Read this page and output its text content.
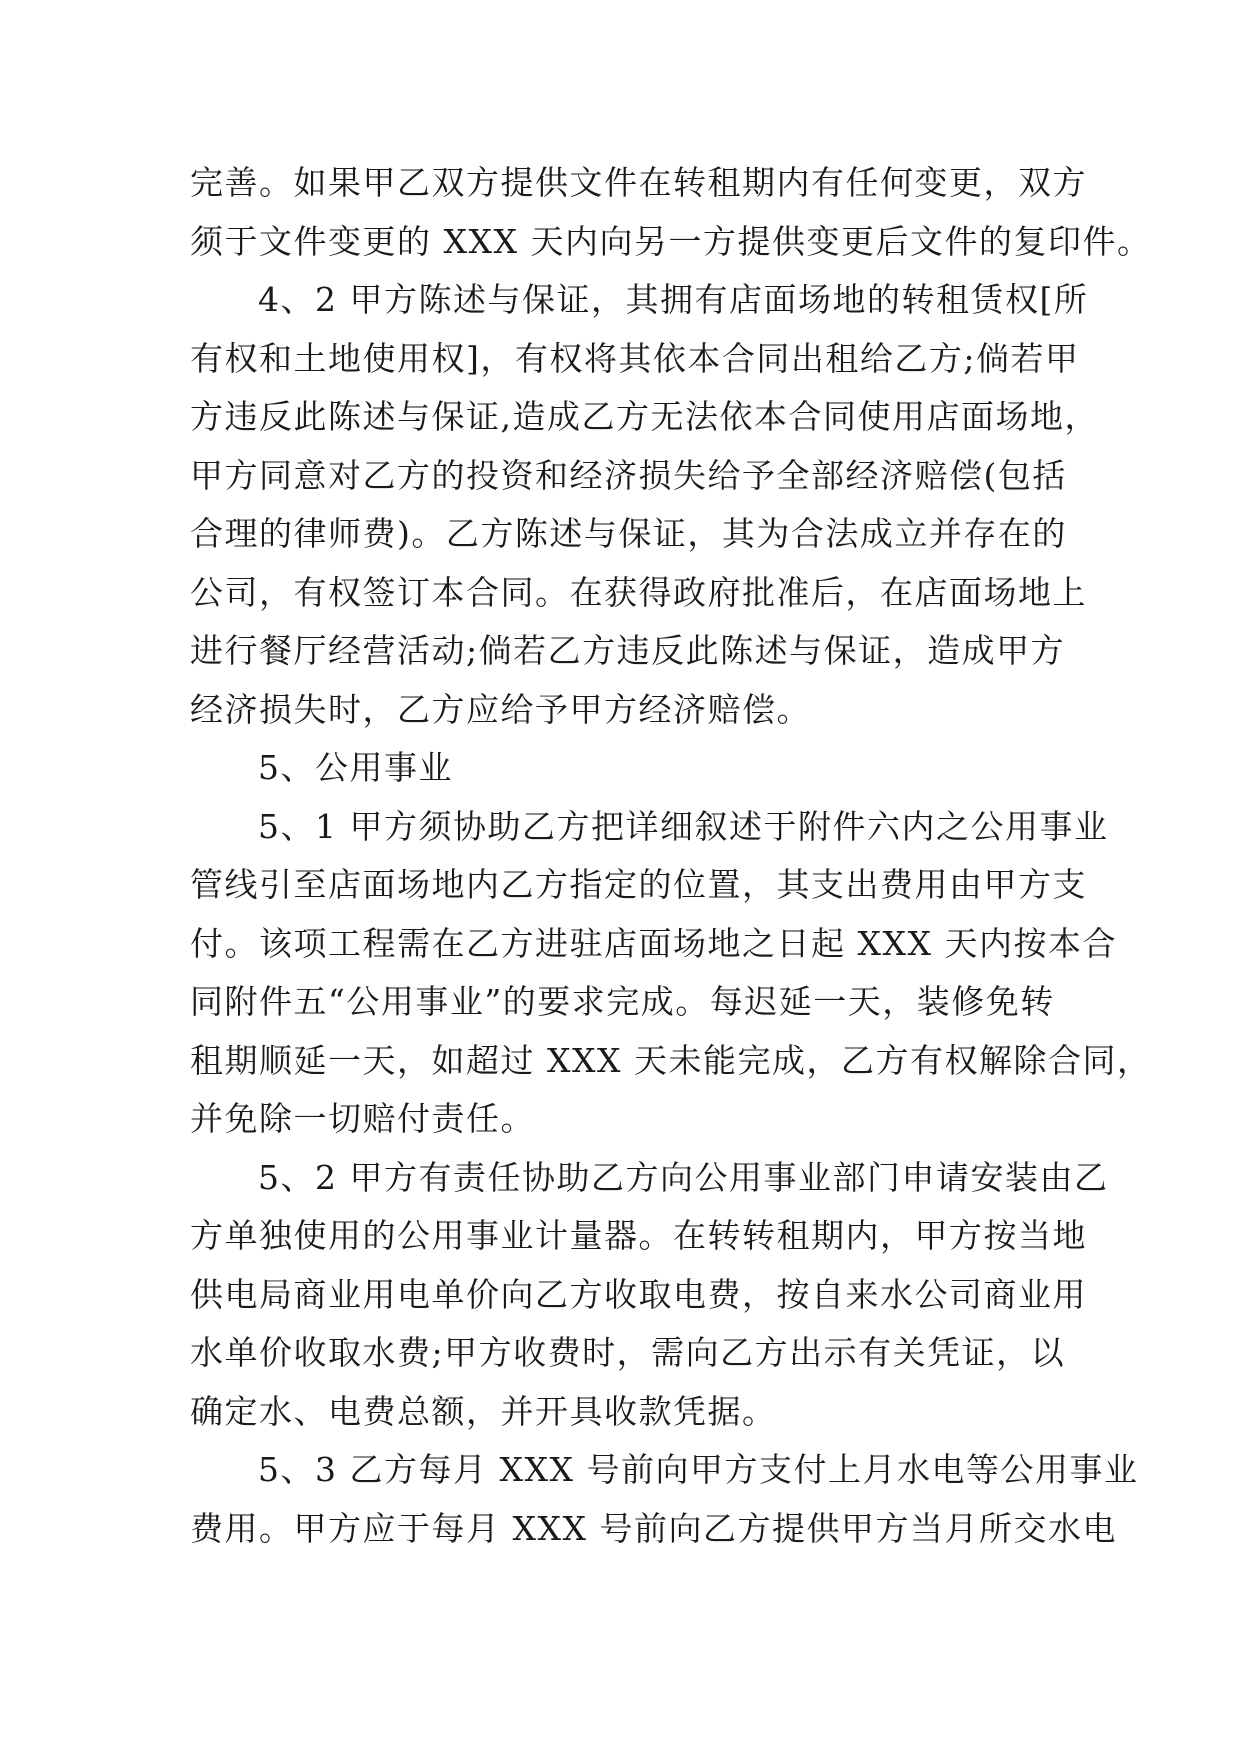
完善。如果甲乙双方提供文件在转租期内有任何变更，双方
须于文件变更的 XXX 天内向另一方提供变更后文件的复印件。
4、2 甲方陈述与保证，其拥有店面场地的转租赁权[所
有权和土地使用权]，有权将其依本合同出租给乙方;倘若甲
方违反此陈述与保证,造成乙方无法依本合同使用店面场地，
甲方同意对乙方的投资和经济损失给予全部经济赔偿(包括
合理的律师费)。乙方陈述与保证，其为合法成立并存在的
公司，有权签订本合同。在获得政府批准后，在店面场地上
进行餐厅经营活动;倘若乙方违反此陈述与保证，造成甲方
经济损失时，乙方应给予甲方经济赔偿。
5、公用事业
5、1 甲方须协助乙方把详细叙述于附件六内之公用事业
管线引至店面场地内乙方指定的位置，其支出费用由甲方支
付。该项工程需在乙方进驻店面场地之日起 XXX 天内按本合
同附件五“公用事业”的要求完成。每迟延一天，装修免转
租期顺延一天，如超过 XXX 天未能完成，乙方有权解除合同，
并免除一切赔付责任。
5、2 甲方有责任协助乙方向公用事业部门申请安装由乙
方单独使用的公用事业计量器。在转转租期内，甲方按当地
供电局商业用电单价向乙方收取电费，按自来水公司商业用
水单价收取水费;甲方收费时，需向乙方出示有关凭证，以
确定水、电费总额，并开具收款凭据。
5、3 乙方每月 XXX 号前向甲方支付上月水电等公用事业
费用。甲方应于每月 XXX 号前向乙方提供甲方当月所交水电
